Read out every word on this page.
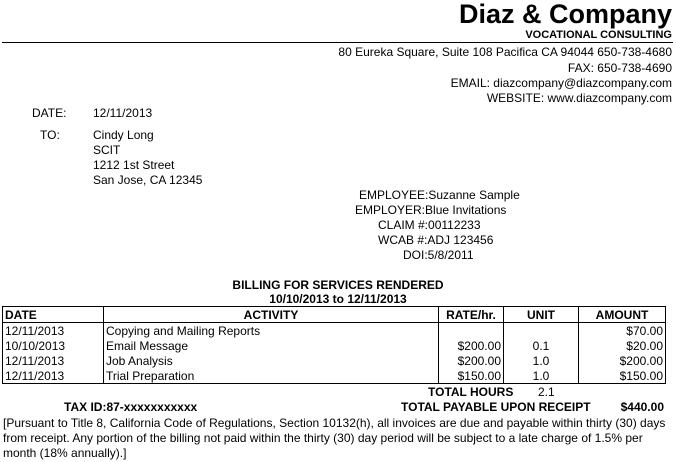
Diaz & Company
VOCATIONAL CONSULTING
80 Eureka Square, Suite 108 Pacifica CA 94044 650-738-4680
FAX: 650-738-4690
EMAIL: diazcompany@diazcompany.com
WEBSITE: www.diazcompany.com
DATE: 12/11/2013
TO:	Cindy Long
SCIT
1212 1st Street
San Jose, CA 12345
EMPLOYEE:Suzanne Sample
EMPLOYER:Blue Invitations
CLAIM #:00112233
WCAB #:ADJ 123456
DOI:5/8/2011
BILLING FOR SERVICES RENDERED
10/10/2013 to 12/11/2013
DATE	ACTIVITY	RATE/hr.	UNIT	AMOUNT
12/11/2013	Copying and Mailing Reports			$70.00
10/10/2013	Email Message	$200.00	0.1	$20.00
12/11/2013	Job Analysis	$200.00	1.0	$200.00
12/11/2013	Trial Preparation	$150.00	1.0	$150.00
TOTAL HOURS 2.1
TAX ID:87-xxxxxxxxxxx	TOTAL PAYABLE UPON RECEIPT	$440.00
[Pursuant to Title 8, California Code of Regulations, Section 10132(h), all invoices are due and payable within thirty (30) days from receipt. Any portion of the billing not paid within the thirty (30) day period will be subject to a late charge of 1.5% per month (18% annually).]
